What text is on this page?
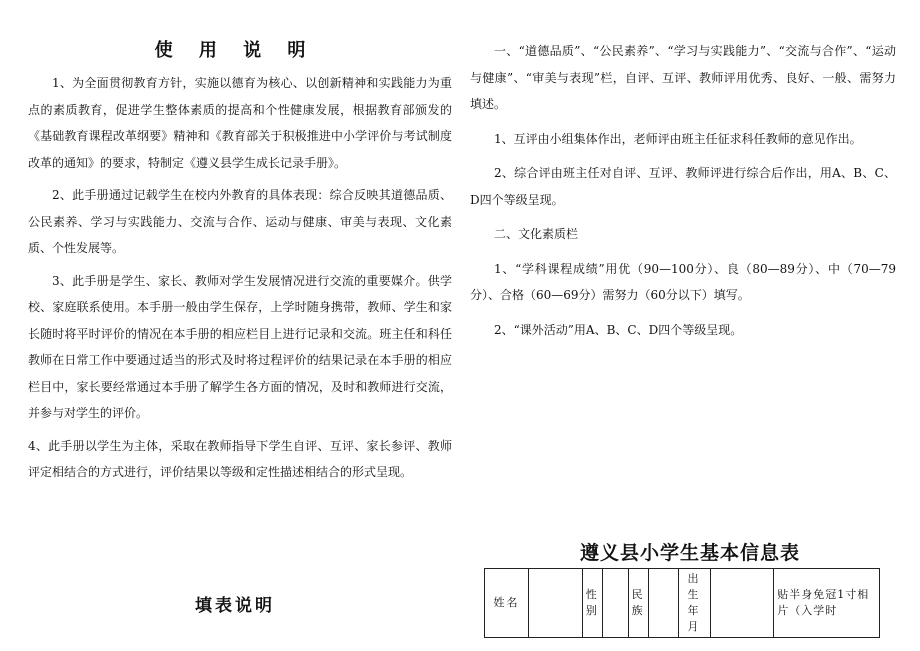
使 用 说 明

1、为全面贯彻教育方针，实施以德育为核心、以创新精神和实践能力为重点的素质教育，促进学生整体素质的提高和个性健康发展，根据教育部颁发的《基础教育课程改革纲要》精神和《教育部关于积极推进中小学评价与考试制度改革的通知》的要求，特制定《遵义县学生成长记录手册》。

2、此手册通过记载学生在校内外教育的具体表现：综合反映其道德品质、公民素养、学习与实践能力、交流与合作、运动与健康、审美与表现、文化素质、个性发展等。

3、此手册是学生、家长、教师对学生发展情况进行交流的重要媒介。供学校、家庭联系使用。本手册一般由学生保存，上学时随身携带，教师、学生和家长随时将平时评价的情况在本手册的相应栏目上进行记录和交流。班主任和科任教师在日常工作中要通过适当的形式及时将过程评价的结果记录在本手册的相应栏目中，家长要经常通过本手册了解学生各方面的情况，及时和教师进行交流，并参与对学生的评价。

4、此手册以学生为主体，采取在教师指导下学生自评、互评、家长参评、教师评定相结合的方式进行，评价结果以等级和定性描述相结合的形式呈现。

一、“道德品质”、“公民素养”、“学习与实践能力”、“交流与合作”、“运动与健康”、“审美与表现”栏，自评、互评、教师评用优秀、良好、一般、需努力填述。

1、互评由小组集体作出，老师评由班主任征求科任教师的意见作出。

2、综合评由班主任对自评、互评、教师评进行综合后作出，用A、B、C、D四个等级呈现。

二、文化素质栏

1、“学科课程成绩”用优（90—100分）、良（80—89分）、中（70—79分）、合格（60—69分）需努力（60分以下）填写。

2、“课外活动”用A、B、C、D四个等级呈现。

填表说明
遵义县小学生基本信息表
姓名		性别		民族		出生年月		贴半身免冠1寸相片（入学时
